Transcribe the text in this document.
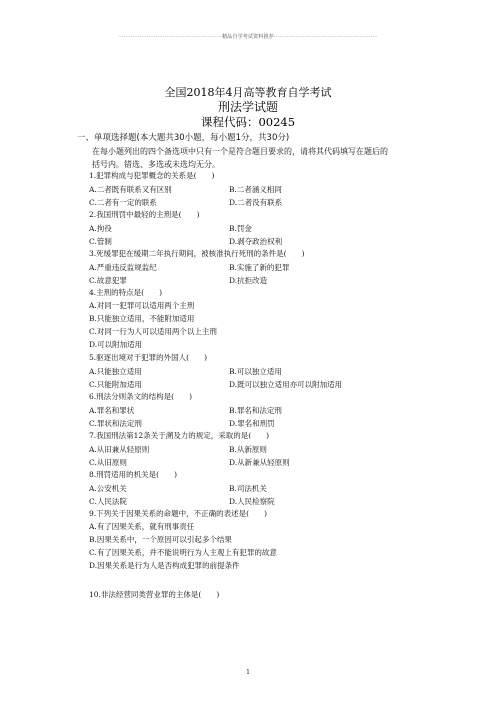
··························································精品自学考试资料推荐··························································
全国2018年4月高等教育自学考试
刑法学试题
课程代码：00245
一、单项选择题(本大题共30小题，每小题1分，共30分)
在每小题列出的四个备选项中只有一个是符合题目要求的，请将其代码填写在题后的
括号内。错选、多选或未选均无分。
1.犯罪构成与犯罪概念的关系是(　　)
A.二者既有联系又有区别	B.二者涵义相同
C.二者有一定的联系	D.二者没有联系
2.我国刑罚中最轻的主刑是(　　)
A.拘役	B.罚金
C.管制	D.剥夺政治权利
3.死缓罪犯在缓期二年执行期间，被核准执行死刑的条件是(　　)
A.严重违反监规监纪	B.实施了新的犯罪
C.故意犯罪	D.抗拒改造
4.主刑的特点是(　　)
A.对同一犯罪可以适用两个主刑
B.只能独立适用，不能附加适用
C.对同一行为人可以适用两个以上主刑
D.可以附加适用
5.驱逐出境对于犯罪的外国人(　　)
A.只能独立适用	B.可以独立适用
C.只能附加适用	D.既可以独立适用亦可以附加适用
6.刑法分则条文的结构是(　　)
A.罪名和罪状	B.罪名和法定刑
C.罪状和法定刑	D.罪名和刑罚
7.我国刑法第12条关于溯及力的规定，采取的是(　　)
A.从旧兼从轻原则	B.从新原则
C.从旧原则	D.从新兼从轻原则
8.刑罚适用的机关是(　　)
A.公安机关	B.司法机关
C.人民法院	D.人民检察院
9.下列关于因果关系的命题中，不正确的表述是(　　)
A.有了因果关系，就有刑事责任
B.因果关系中，一个原因可以引起多个结果
C.有了因果关系，并不能说明行为人主观上有犯罪的故意
D.因果关系是行为人是否构成犯罪的前提条件
10.非法经营同类营业罪的主体是(　　)
1
